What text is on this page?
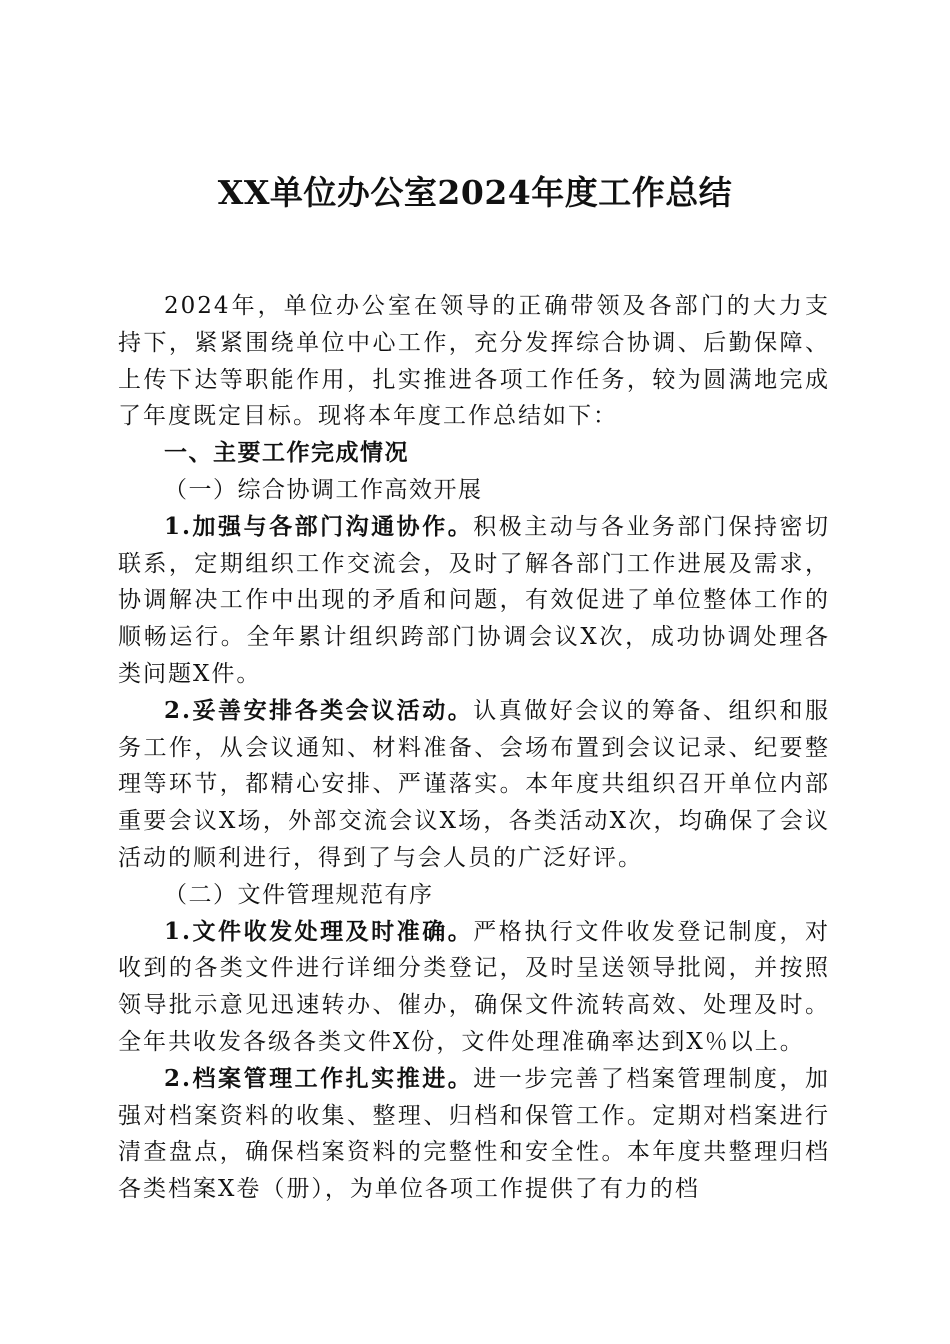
XX单位办公室2024年度工作总结

2024年，单位办公室在领导的正确带领及各部门的大力支持下，紧紧围绕单位中心工作，充分发挥综合协调、后勤保障、上传下达等职能作用，扎实推进各项工作任务，较为圆满地完成了年度既定目标。现将本年度工作总结如下：

一、主要工作完成情况

（一）综合协调工作高效开展

1.加强与各部门沟通协作。积极主动与各业务部门保持密切联系，定期组织工作交流会，及时了解各部门工作进展及需求，协调解决工作中出现的矛盾和问题，有效促进了单位整体工作的顺畅运行。全年累计组织跨部门协调会议X次，成功协调处理各类问题X件。

2.妥善安排各类会议活动。认真做好会议的筹备、组织和服务工作，从会议通知、材料准备、会场布置到会议记录、纪要整理等环节，都精心安排、严谨落实。本年度共组织召开单位内部重要会议X场，外部交流会议X场，各类活动X次，均确保了会议活动的顺利进行，得到了与会人员的广泛好评。

（二）文件管理规范有序

1.文件收发处理及时准确。严格执行文件收发登记制度，对收到的各类文件进行详细分类登记，及时呈送领导批阅，并按照领导批示意见迅速转办、催办，确保文件流转高效、处理及时。全年共收发各级各类文件X份，文件处理准确率达到X％以上。

2.档案管理工作扎实推进。进一步完善了档案管理制度，加强对档案资料的收集、整理、归档和保管工作。定期对档案进行清查盘点，确保档案资料的完整性和安全性。本年度共整理归档各类档案X卷（册），为单位各项工作提供了有力的档
